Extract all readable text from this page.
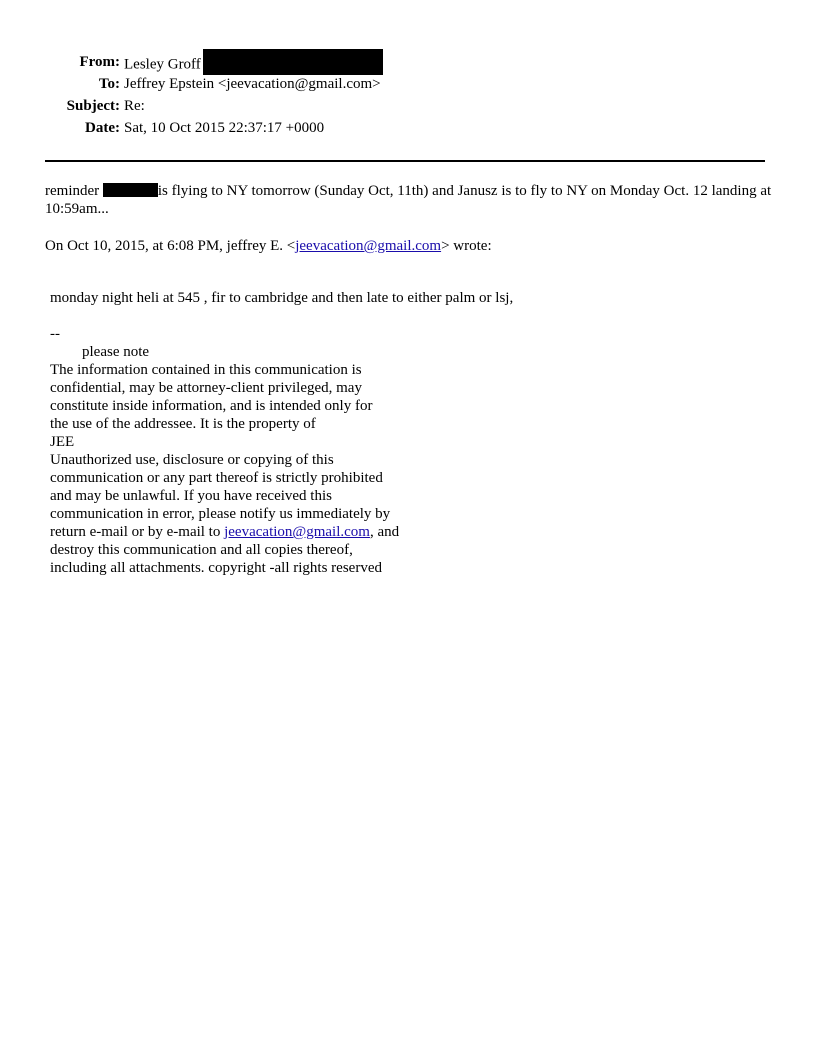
From: Lesley Groff
To: Jeffrey Epstein <jeevacation@gmail.com>
Subject: Re:
Date: Sat, 10 Oct 2015 22:37:17 +0000
reminder	is flying to NY tomorrow (Sunday Oct, 11th) and Janusz is to fly to NY on Monday Oct. 12 landing at 10:59am...
On Oct 10, 2015, at 6:08 PM, jeffrey E. <jeevacation@gmail.com> wrote:
monday night heli at 545 , fir to cambridge and then late to either palm or lsj,
--
please note
The information contained in this communication is
confidential, may be attorney-client privileged, may
constitute inside information, and is intended only for
the use of the addressee. It is the property of
JEE
Unauthorized use, disclosure or copying of this
communication or any part thereof is strictly prohibited
and may be unlawful. If you have received this
communication in error, please notify us immediately by
return e-mail or by e-mail to jeevacation@gmail.com, and
destroy this communication and all copies thereof,
including all attachments. copyright -all rights reserved
